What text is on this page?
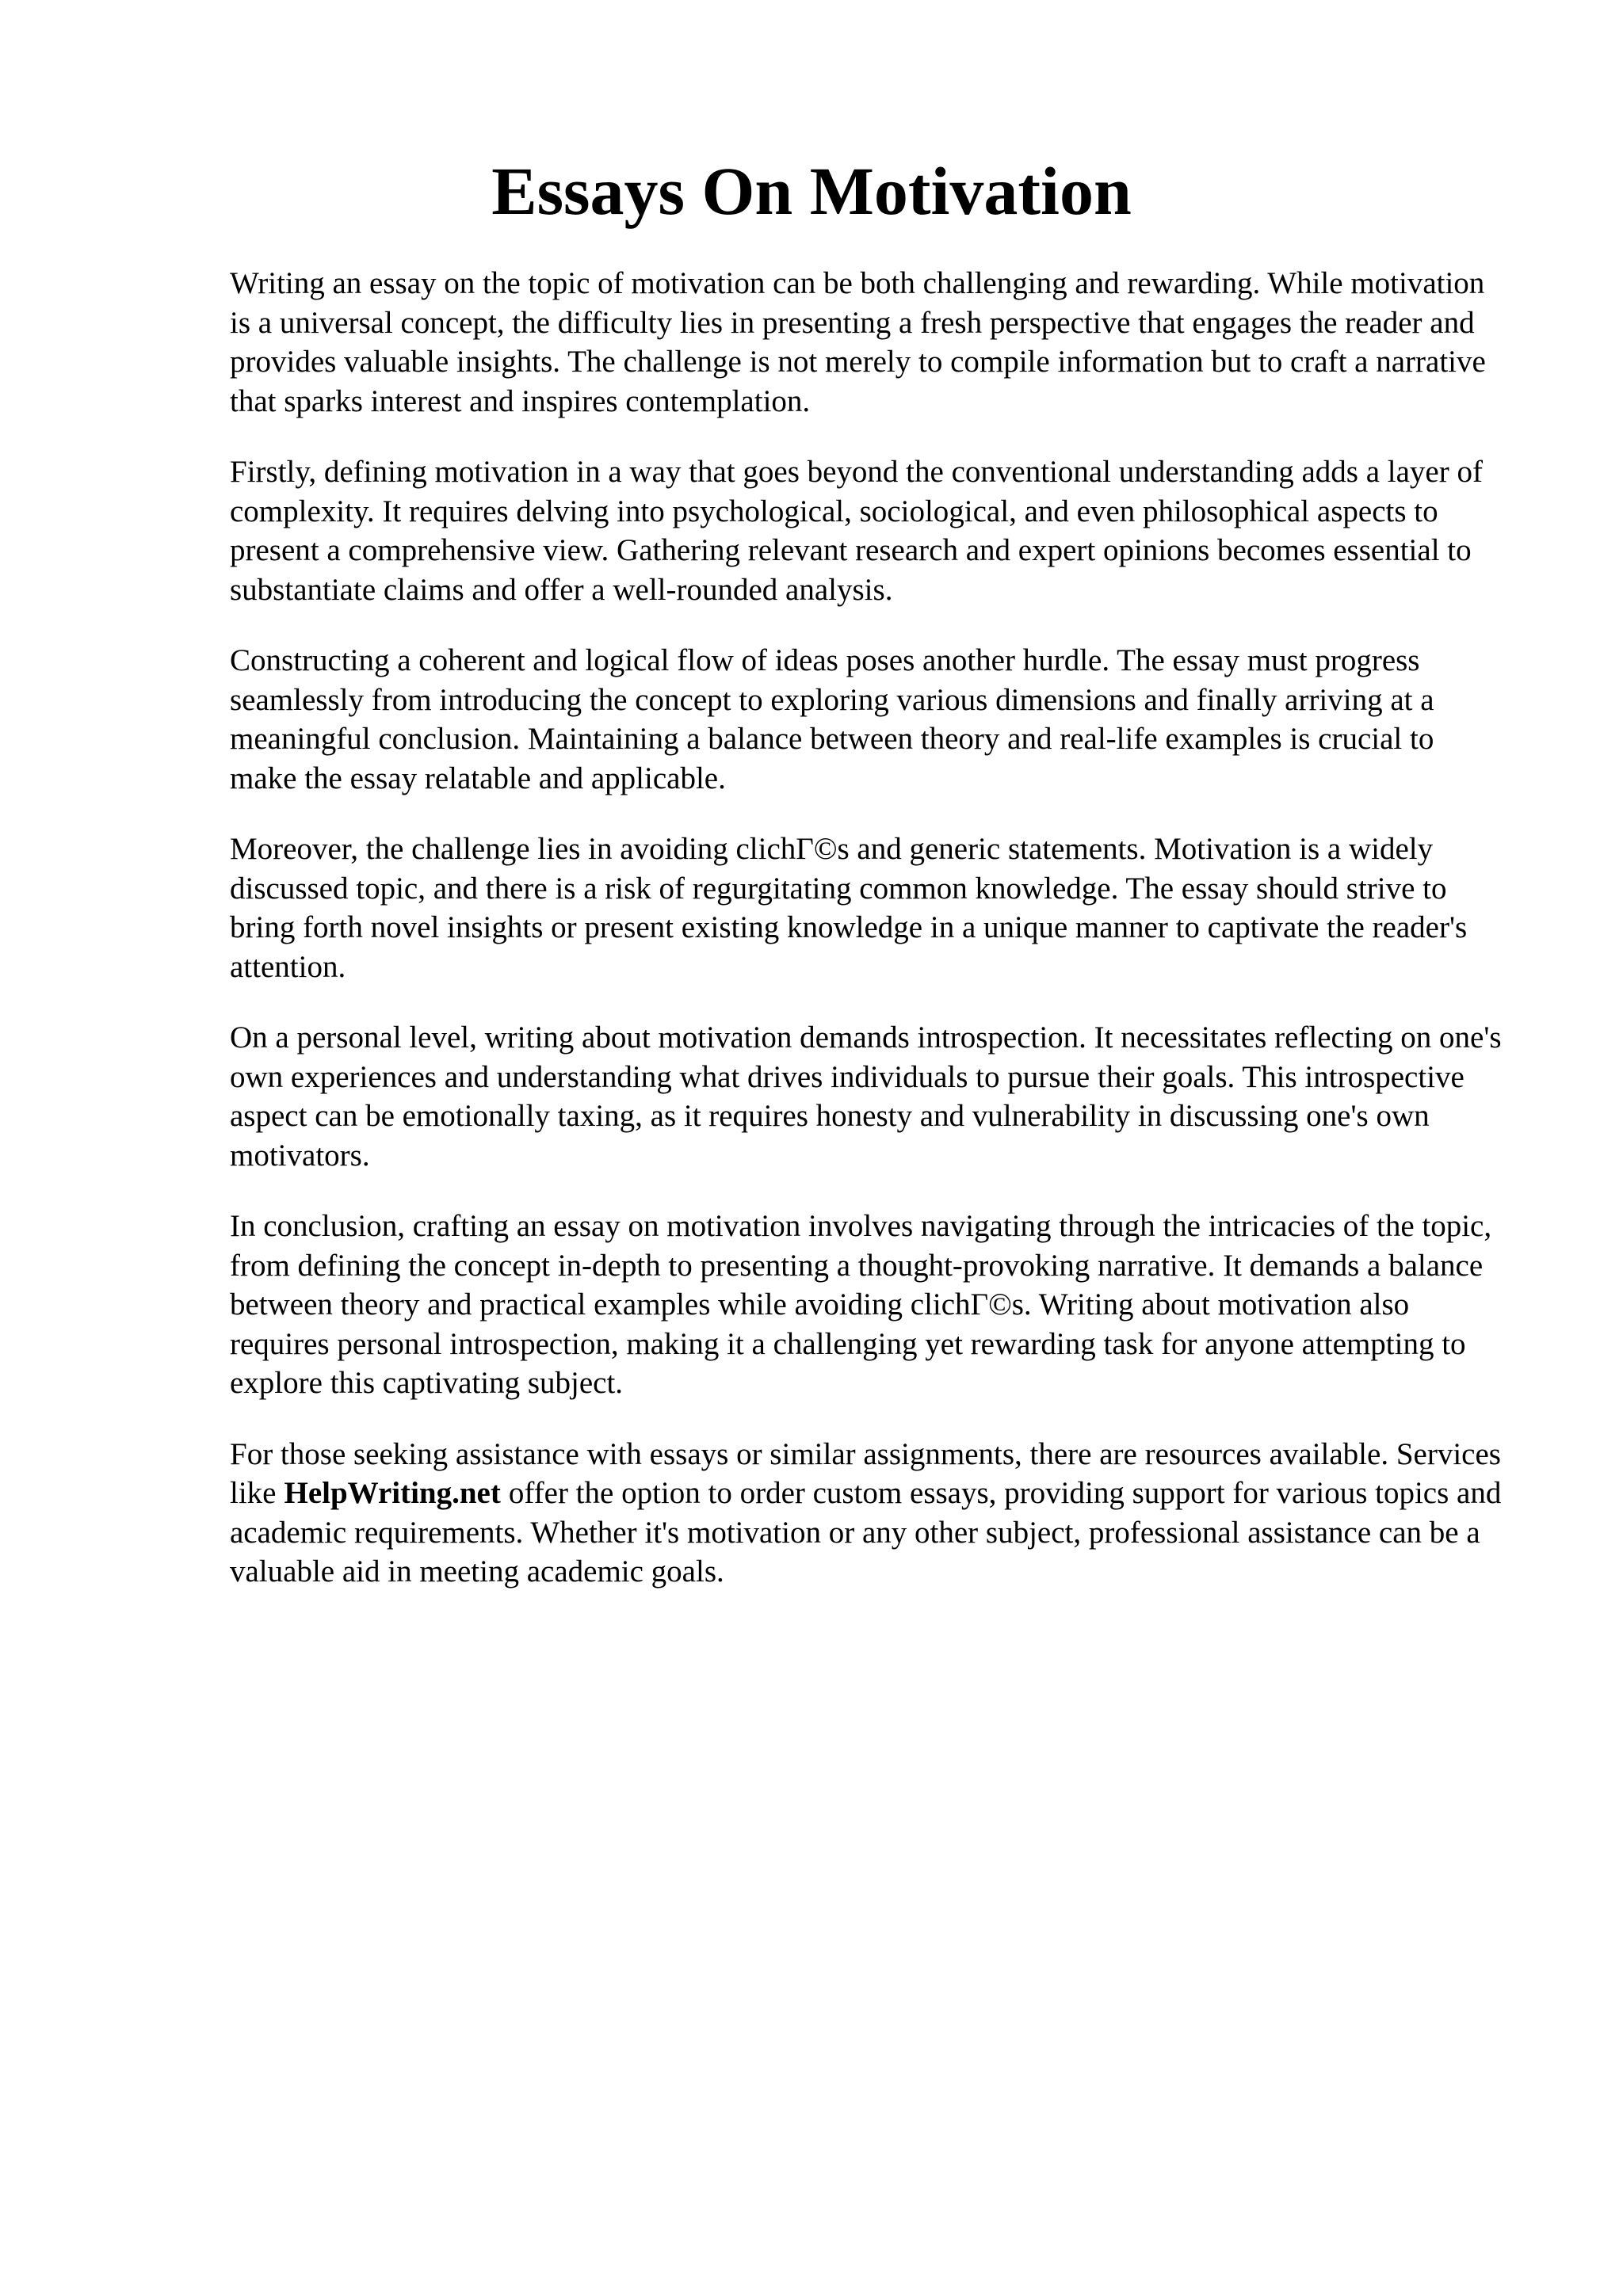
Essays On Motivation

Writing an essay on the topic of motivation can be both challenging and rewarding. While motivation is a universal concept, the difficulty lies in presenting a fresh perspective that engages the reader and provides valuable insights. The challenge is not merely to compile information but to craft a narrative that sparks interest and inspires contemplation.

Firstly, defining motivation in a way that goes beyond the conventional understanding adds a layer of complexity. It requires delving into psychological, sociological, and even philosophical aspects to present a comprehensive view. Gathering relevant research and expert opinions becomes essential to substantiate claims and offer a well-rounded analysis.

Constructing a coherent and logical flow of ideas poses another hurdle. The essay must progress seamlessly from introducing the concept to exploring various dimensions and finally arriving at a meaningful conclusion. Maintaining a balance between theory and real-life examples is crucial to make the essay relatable and applicable.

Moreover, the challenge lies in avoiding clichΓ©s and generic statements. Motivation is a widely discussed topic, and there is a risk of regurgitating common knowledge. The essay should strive to bring forth novel insights or present existing knowledge in a unique manner to captivate the reader's attention.

On a personal level, writing about motivation demands introspection. It necessitates reflecting on one's own experiences and understanding what drives individuals to pursue their goals. This introspective aspect can be emotionally taxing, as it requires honesty and vulnerability in discussing one's own motivators.

In conclusion, crafting an essay on motivation involves navigating through the intricacies of the topic, from defining the concept in-depth to presenting a thought-provoking narrative. It demands a balance between theory and practical examples while avoiding clichΓ©s. Writing about motivation also requires personal introspection, making it a challenging yet rewarding task for anyone attempting to explore this captivating subject.

For those seeking assistance with essays or similar assignments, there are resources available. Services like HelpWriting.net offer the option to order custom essays, providing support for various topics and academic requirements. Whether it's motivation or any other subject, professional assistance can be a valuable aid in meeting academic goals.
